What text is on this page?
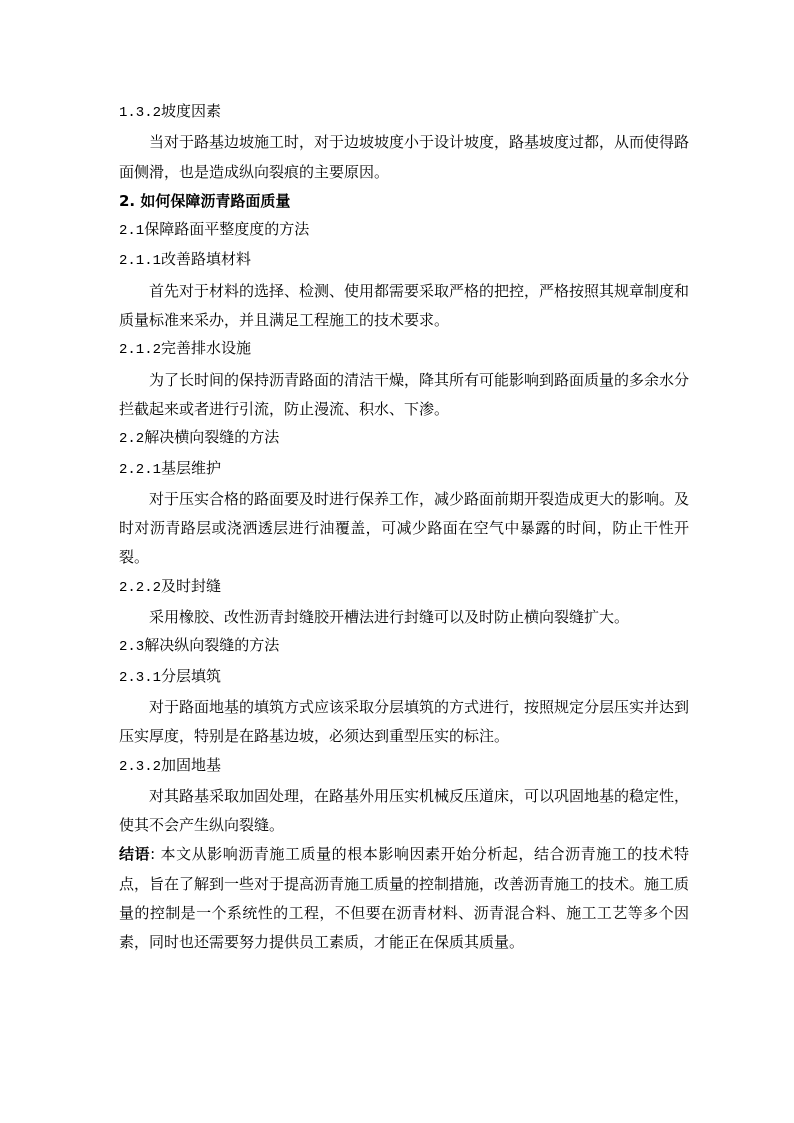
1.3.2坡度因素

当对于路基边坡施工时，对于边坡坡度小于设计坡度，路基坡度过都，从而使得路面侧滑，也是造成纵向裂痕的主要原因。

2. 如何保障沥青路面质量

2.1保障路面平整度度的方法

2.1.1改善路填材料

首先对于材料的选择、检测、使用都需要采取严格的把控，严格按照其规章制度和质量标准来采办，并且满足工程施工的技术要求。

2.1.2完善排水设施

为了长时间的保持沥青路面的清洁干燥，降其所有可能影响到路面质量的多余水分拦截起来或者进行引流，防止漫流、积水、下渗。

2.2解决横向裂缝的方法

2.2.1基层维护

对于压实合格的路面要及时进行保养工作，减少路面前期开裂造成更大的影响。及时对沥青路层或浇洒透层进行油覆盖，可减少路面在空气中暴露的时间，防止干性开裂。

2.2.2及时封缝

采用橡胶、改性沥青封缝胶开槽法进行封缝可以及时防止横向裂缝扩大。

2.3解决纵向裂缝的方法

2.3.1分层填筑

对于路面地基的填筑方式应该采取分层填筑的方式进行，按照规定分层压实并达到压实厚度，特别是在路基边坡，必须达到重型压实的标注。

2.3.2加固地基

对其路基采取加固处理，在路基外用压实机械反压道床，可以巩固地基的稳定性，使其不会产生纵向裂缝。

结语: 本文从影响沥青施工质量的根本影响因素开始分析起，结合沥青施工的技术特点，旨在了解到一些对于提高沥青施工质量的控制措施，改善沥青施工的技术。施工质量的控制是一个系统性的工程，不但要在沥青材料、沥青混合料、施工工艺等多个因素，同时也还需要努力提供员工素质，才能正在保质其质量。
